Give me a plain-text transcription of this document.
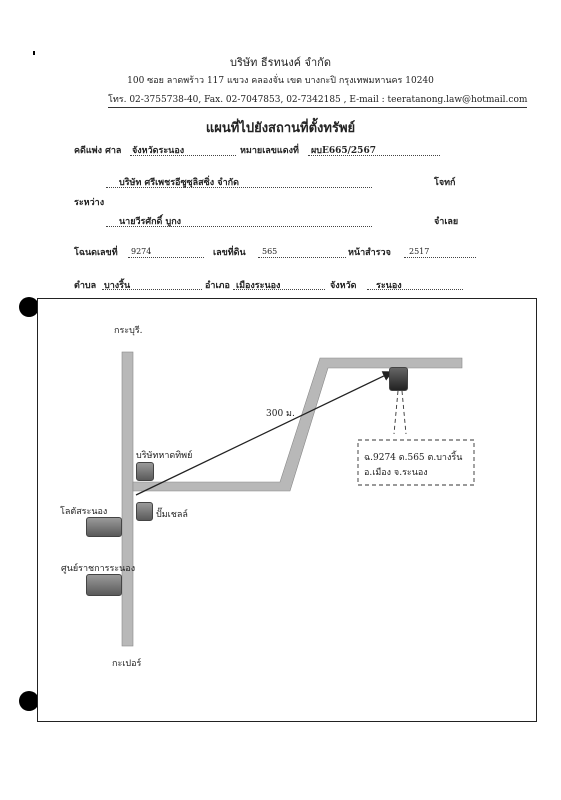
บริษัท ธีรทนงค์ จำกัด
100 ซอย ลาดพร้าว 117 แขวง คลองจั่น เขต บางกะปิ กรุงเทพมหานคร 10240
โทร. 02-3755738-40, Fax. 02-7047853, 02-7342185 , E-mail : teeratanong.law@hotmail.com
แผนที่ไปยังสถานที่ตั้งทรัพย์
คดีแพ่ง ศาล จังหวัดระนอง	หมายเลขแดงที่ ผบE665/2567
บริษัท ศรีเพชรอีซูซุลิสซิ่ง จำกัด	โจทก์
ระหว่าง
นายวีรศักดิ์ บูกง	จำเลย
โฉนดเลขที่ 9274	เลขที่ดิน 565	หน้าสำรวจ 2517
ตำบล บางริ้น	อำเภอ เมืองระนอง	จังหวัด ระนอง
กระบุรี.
กะเปอร์
300 ม.
บริษัทหาดทิพย์
โลตัสระนอง	ปั๊มเชลล์
ศูนย์ราชการระนอง
ฉ.9274 ด.565 ต.บางริ้น
อ.เมือง จ.ระนอง
